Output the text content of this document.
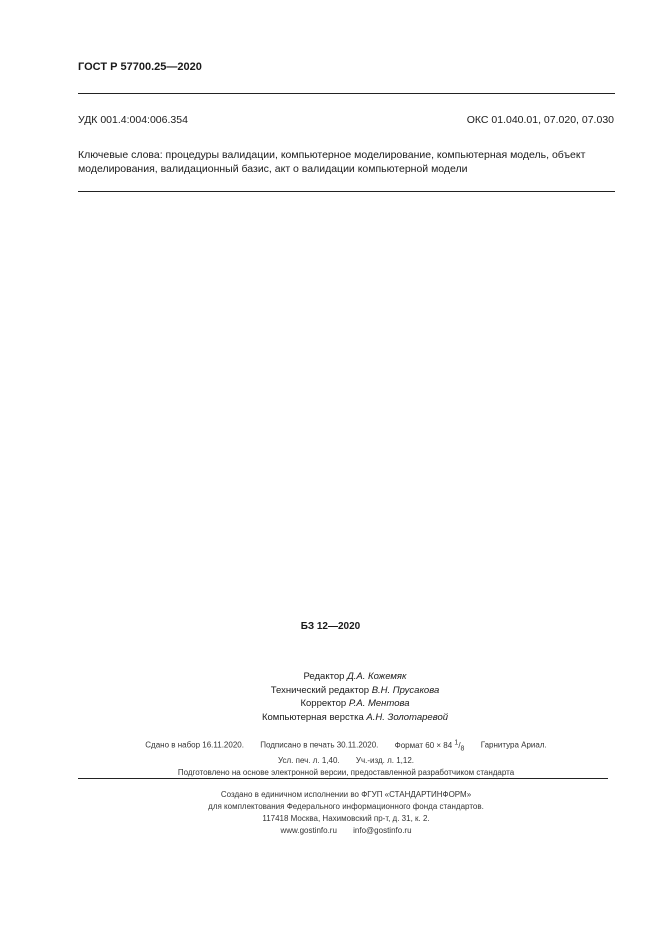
ГОСТ Р 57700.25—2020
УДК 001.4:004:006.354	ОКС 01.040.01, 07.020, 07.030
Ключевые слова: процедуры валидации, компьютерное моделирование, компьютерная модель, объект
моделирования, валидационный базис, акт о валидации компьютерной модели
БЗ 12—2020
Редактор Д.А. Кожемяк
Технический редактор В.Н. Прусакова
Корректор Р.А. Ментова
Компьютерная верстка А.Н. Золотаревой
Сдано в набор 16.11.2020. Подписано в печать 30.11.2020. Формат 60 × 84 $^1/_8$ Гарнитура Ариал.
Усл. печ. л. 1,40. Уч.-изд. л. 1,12.
Подготовлено на основе электронной версии, предоставленной разработчиком стандарта
Создано в единичном исполнении во ФГУП «СТАНДАРТИНФОРМ»
для комплектования Федерального информационного фонда стандартов.
117418 Москва, Нахимовский пр-т, д. 31, к. 2.
www.gostinfo.ru info@gostinfo.ru
